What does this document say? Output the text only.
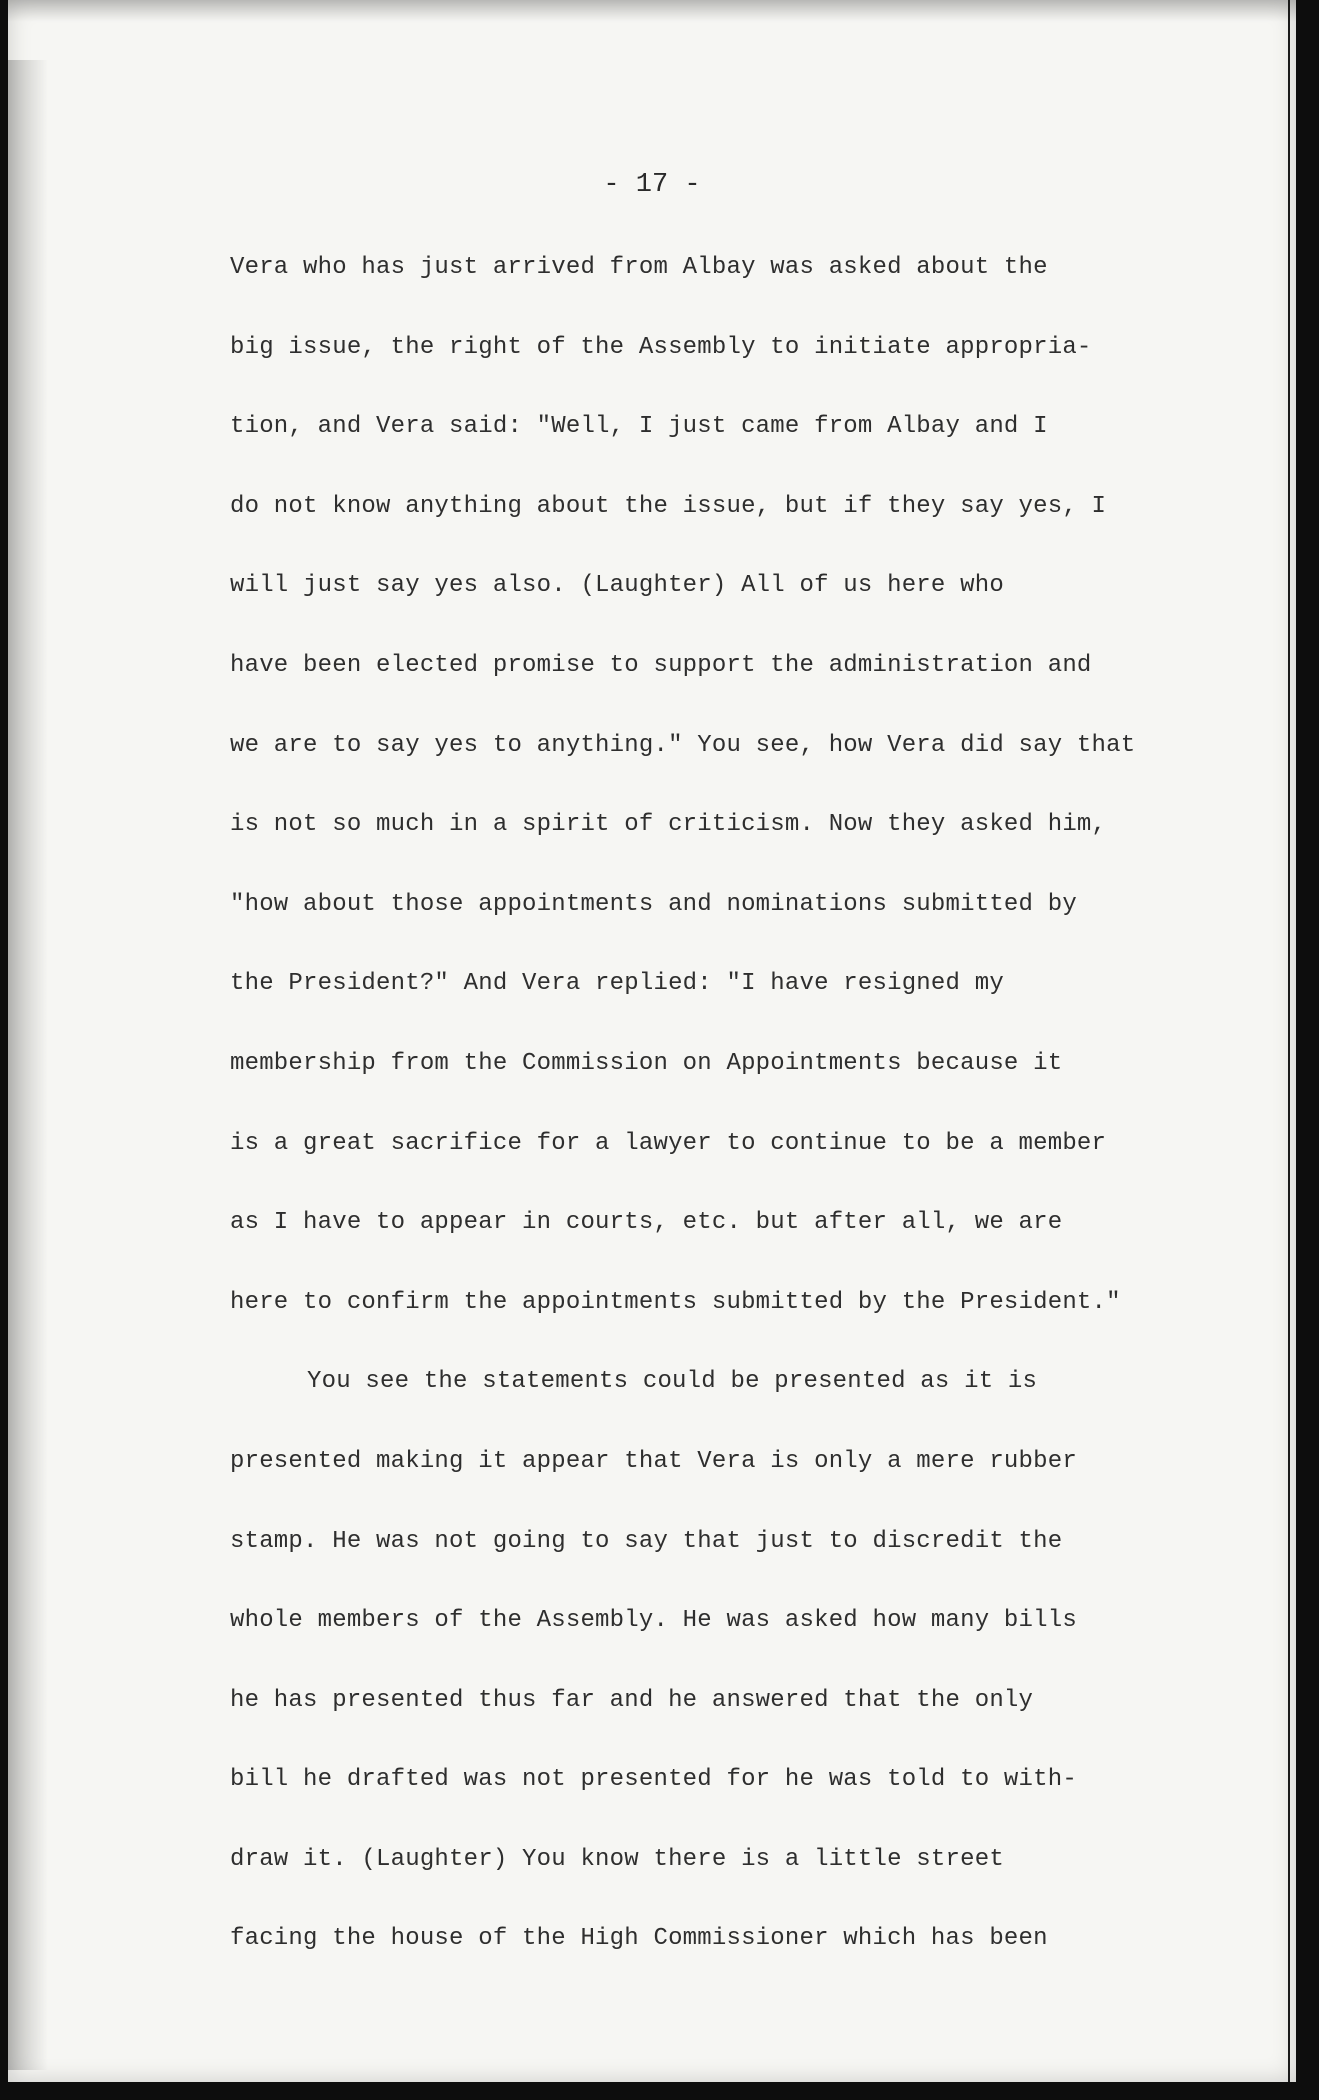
- 17 -
Vera who has just arrived from Albay was asked about the
big issue, the right of the Assembly to initiate appropria-
tion, and Vera said: "Well, I just came from Albay and I
do not know anything about the issue, but if they say yes, I
will just say yes also. (Laughter) All of us here who
have been elected promise to support the administration and
we are to say yes to anything." You see, how Vera did say that
is not so much in a spirit of criticism. Now they asked him,
"how about those appointments and nominations submitted by
the President?" And Vera replied: "I have resigned my
membership from the Commission on Appointments because it
is a great sacrifice for a lawyer to continue to be a member
as I have to appear in courts, etc. but after all, we are
here to confirm the appointments submitted by the President."
You see the statements could be presented as it is
presented making it appear that Vera is only a mere rubber
stamp. He was not going to say that just to discredit the
whole members of the Assembly. He was asked how many bills
he has presented thus far and he answered that the only
bill he drafted was not presented for he was told to with-
draw it. (Laughter) You know there is a little street
facing the house of the High Commissioner which has been
